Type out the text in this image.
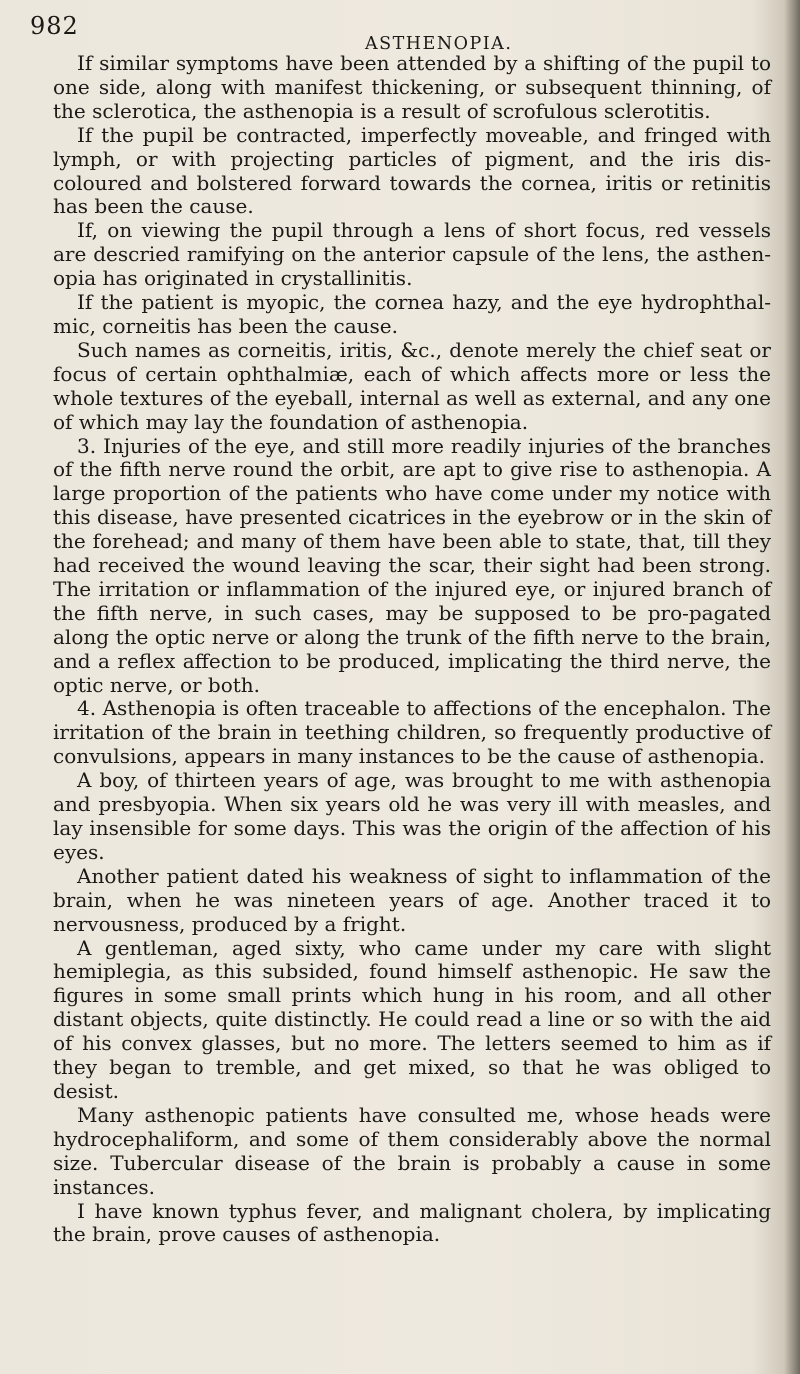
982
ASTHENOPIA.

If similar symptoms have been attended by a shifting of the pupil to one side, along with manifest thickening, or subsequent thinning, of the sclerotica, the asthenopia is a result of scrofulous sclerotitis.

If the pupil be contracted, imperfectly moveable, and fringed with lymph, or with projecting particles of pigment, and the iris dis-coloured and bolstered forward towards the cornea, iritis or retinitis has been the cause.

If, on viewing the pupil through a lens of short focus, red vessels are descried ramifying on the anterior capsule of the lens, the asthen-opia has originated in crystallinitis.

If the patient is myopic, the cornea hazy, and the eye hydrophthal-mic, corneitis has been the cause.

Such names as corneitis, iritis, &c., denote merely the chief seat or focus of certain ophthalmiæ, each of which affects more or less the whole textures of the eyeball, internal as well as external, and any one of which may lay the foundation of asthenopia.

3. Injuries of the eye, and still more readily injuries of the branches of the fifth nerve round the orbit, are apt to give rise to asthenopia. A large proportion of the patients who have come under my notice with this disease, have presented cicatrices in the eyebrow or in the skin of the forehead; and many of them have been able to state, that, till they had received the wound leaving the scar, their sight had been strong. The irritation or inflammation of the injured eye, or injured branch of the fifth nerve, in such cases, may be supposed to be pro-pagated along the optic nerve or along the trunk of the fifth nerve to the brain, and a reflex affection to be produced, implicating the third nerve, the optic nerve, or both.

4. Asthenopia is often traceable to affections of the encephalon. The irritation of the brain in teething children, so frequently productive of convulsions, appears in many instances to be the cause of asthenopia.

A boy, of thirteen years of age, was brought to me with asthenopia and presbyopia. When six years old he was very ill with measles, and lay insensible for some days. This was the origin of the affection of his eyes.

Another patient dated his weakness of sight to inflammation of the brain, when he was nineteen years of age. Another traced it to nervousness, produced by a fright.

A gentleman, aged sixty, who came under my care with slight hemiplegia, as this subsided, found himself asthenopic. He saw the figures in some small prints which hung in his room, and all other distant objects, quite distinctly. He could read a line or so with the aid of his convex glasses, but no more. The letters seemed to him as if they began to tremble, and get mixed, so that he was obliged to desist.

Many asthenopic patients have consulted me, whose heads were hydrocephaliform, and some of them considerably above the normal size. Tubercular disease of the brain is probably a cause in some instances.

I have known typhus fever, and malignant cholera, by implicating the brain, prove causes of asthenopia.
